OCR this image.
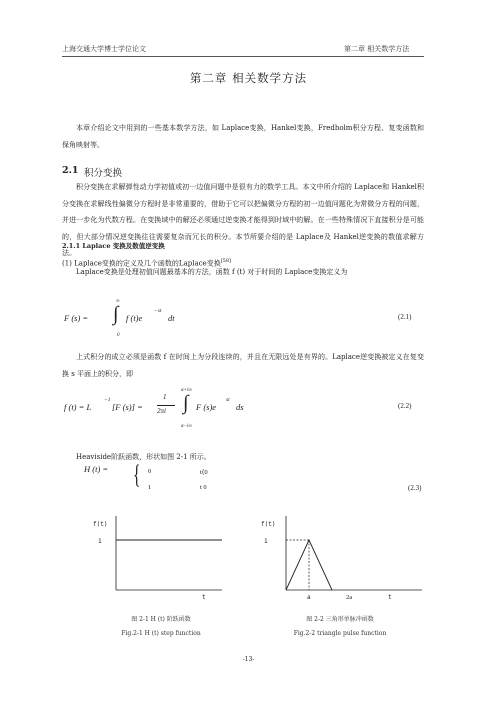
上海交通大学博士学位论文	第二章 相关数学方法
第二章 相关数学方法
本章介绍论文中用到的一些基本数学方法，如 Laplace变换，Hankel变换，Fredholm积分方程、复变函数和保角映射等。
2.1 积分变换
积分变换在求解弹性动力学初值或初一边值问题中是很有力的数学工具。本文中所介绍的 Laplace和 Hankel积分变换在求解线性偏微分方程时是非常重要的，借助于它可以把偏微分方程的初一边值问题化为常微分方程的问题，并进一步化为代数方程。在变换域中的解还必须通过逆变换才能得到时域中的解。在一些特殊情况下直接积分是可能的，但大部分情况逆变换往往需要复杂而冗长的积分。本节所要介绍的是 Laplace及 Hankel逆变换的数值求解方法。
2.1.1 Laplace 变换及数值逆变换
(1) Laplace变换的定义及几个函数的Laplace变换[58]
Laplace变换是处理初值问题最基本的方法，函数 f (t) 对于时间的 Laplace变换定义为
F (s) =
∞
∫
0
f (t)e
−st
dt	(2.1)
上式积分的成立必须是函数 f 在时间上为分段连续的，并且在无限远处是有界的。Laplace逆变换被定义在复变换 s 平面上的积分，即
f (t) = L
−1
[F (s)] =
1
2πi
α+i∞
∫
α−i∞
F (s)e
st
ds	(2.2)
Heaviside阶跃函数，形状如图 2-1 所示。
H (t) = { 0	t⟨0
1	t 0	(2.3)
f(t)
1
t
图 2-1 H (t) 阶跃函数
Fig.2-1 H (t) step function
f(t)
1
a	2a	t
图 2-2 三角形单脉冲函数
Fig.2-2 triangle pulse function
-13-
